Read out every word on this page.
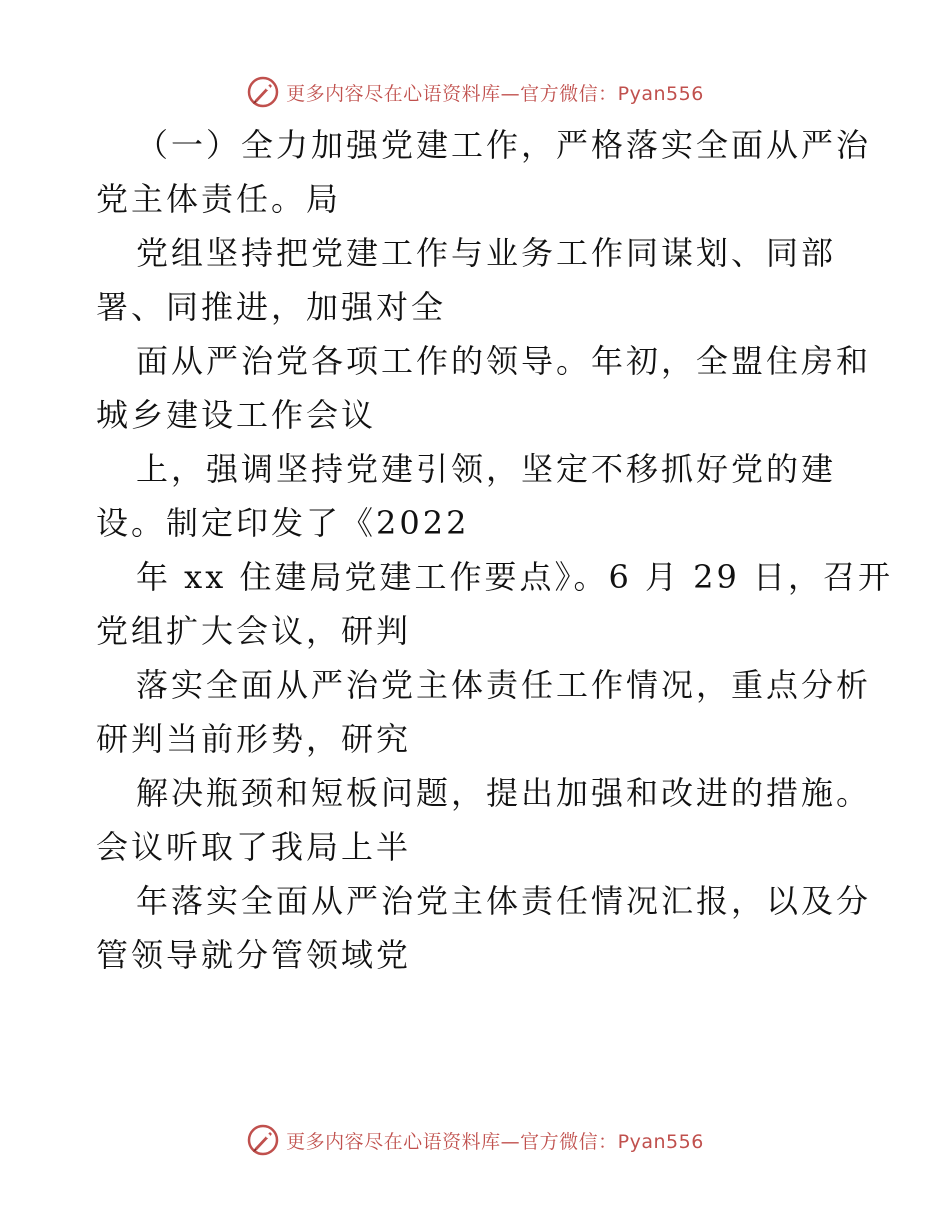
更多内容尽在心语资料库—官方微信：Pyan556
（一）全力加强党建工作，严格落实全面从严治
党主体责任。局
党组坚持把党建工作与业务工作同谋划、同部
署、同推进，加强对全
面从严治党各项工作的领导。年初，全盟住房和
城乡建设工作会议
上，强调坚持党建引领，坚定不移抓好党的建
设。制定印发了《2022
年 xx 住建局党建工作要点》。6 月 29 日，召开
党组扩大会议，研判
落实全面从严治党主体责任工作情况，重点分析
研判当前形势，研究
解决瓶颈和短板问题，提出加强和改进的措施。
会议听取了我局上半
年落实全面从严治党主体责任情况汇报，以及分
管领导就分管领域党
更多内容尽在心语资料库—官方微信：Pyan556
